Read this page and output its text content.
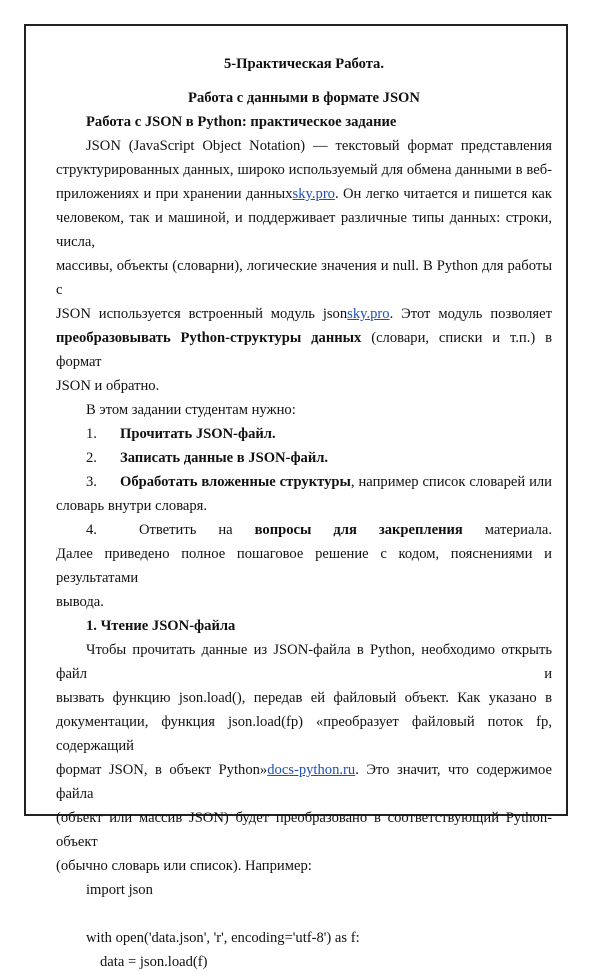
5-Практическая Работа.
Работа с данными в формате JSON
Работа с JSON в Python: практическое задание
JSON (JavaScript Object Notation) — текстовый формат представления
структурированных данных, широко используемый для обмена данными в веб-
приложениях и при хранении данныхsky.pro. Он легко читается и пишется как
человеком, так и машиной, и поддерживает различные типы данных: строки, числа,
массивы, объекты (словарни), логические значения и null. В Python для работы с
JSON используется встроенный модуль jsonsky.pro. Этот модуль позволяет
преобразовывать Python-структуры данных (словари, списки и т.п.) в формат
JSON и обратно.
В этом задании студентам нужно:
1. Прочитать JSON-файл.
2. Записать данные в JSON-файл.
3. Обработать вложенные структуры, например список словарей или
словарь внутри словаря.
4.	Ответить на вопросы для закрепления материала.
Далее приведено полное пошаговое решение с кодом, пояснениями и результатами
вывода.
1. Чтение JSON-файла
Чтобы прочитать данные из JSON-файла в Python, необходимо открыть файл и
вызвать функцию json.load(), передав ей файловый объект. Как указано в
документации, функция json.load(fp) «преобразует файловый поток fp, содержащий
формат JSON, в объект Python»docs-python.ru. Это значит, что содержимое файла
(объект или массив JSON) будет преобразовано в соответствующий Python-объект
(обычно словарь или список). Например:
import json
with open('data.json', 'r', encoding='utf-8') as f:
data = json.load(f)
